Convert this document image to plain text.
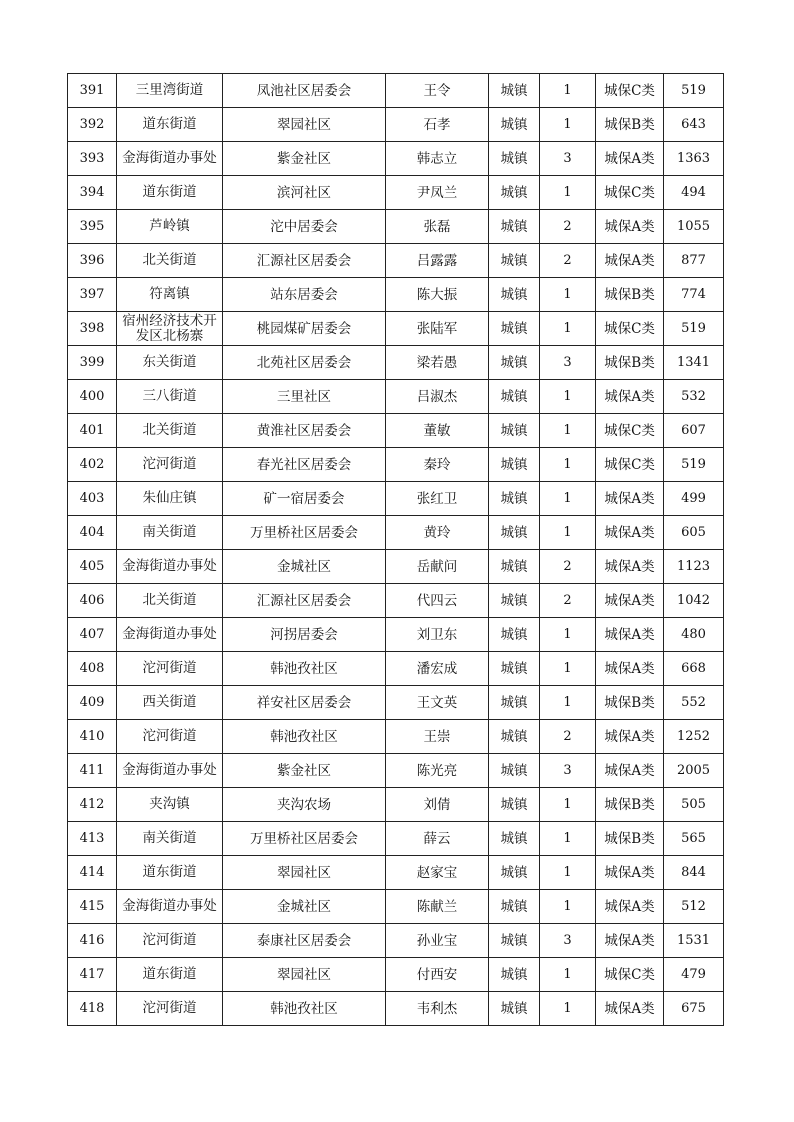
391	三里湾街道	凤池社区居委会	王令	城镇	1	城保C类	519
392	道东街道	翠园社区	石孝	城镇	1	城保B类	643
393	金海街道办事处	紫金社区	韩志立	城镇	3	城保A类	1363
394	道东街道	滨河社区	尹凤兰	城镇	1	城保C类	494
395	芦岭镇	沱中居委会	张磊	城镇	2	城保A类	1055
396	北关街道	汇源社区居委会	吕露露	城镇	2	城保A类	877
397	符离镇	站东居委会	陈大振	城镇	1	城保B类	774
398	宿州经济技术开发区北杨寨	桃园煤矿居委会	张陆军	城镇	1	城保C类	519
399	东关街道	北苑社区居委会	梁若愚	城镇	3	城保B类	1341
400	三八街道	三里社区	吕淑杰	城镇	1	城保A类	532
401	北关街道	黄淮社区居委会	董敏	城镇	1	城保C类	607
402	沱河街道	春光社区居委会	秦玲	城镇	1	城保C类	519
403	朱仙庄镇	矿一宿居委会	张红卫	城镇	1	城保A类	499
404	南关街道	万里桥社区居委会	黄玲	城镇	1	城保A类	605
405	金海街道办事处	金城社区	岳献问	城镇	2	城保A类	1123
406	北关街道	汇源社区居委会	代四云	城镇	2	城保A类	1042
407	金海街道办事处	河拐居委会	刘卫东	城镇	1	城保A类	480
408	沱河街道	韩池孜社区	潘宏成	城镇	1	城保A类	668
409	西关街道	祥安社区居委会	王文英	城镇	1	城保B类	552
410	沱河街道	韩池孜社区	王崇	城镇	2	城保A类	1252
411	金海街道办事处	紫金社区	陈光亮	城镇	3	城保A类	2005
412	夹沟镇	夹沟农场	刘倩	城镇	1	城保B类	505
413	南关街道	万里桥社区居委会	薛云	城镇	1	城保B类	565
414	道东街道	翠园社区	赵家宝	城镇	1	城保A类	844
415	金海街道办事处	金城社区	陈献兰	城镇	1	城保A类	512
416	沱河街道	泰康社区居委会	孙业宝	城镇	3	城保A类	1531
417	道东街道	翠园社区	付西安	城镇	1	城保C类	479
418	沱河街道	韩池孜社区	韦利杰	城镇	1	城保A类	675
